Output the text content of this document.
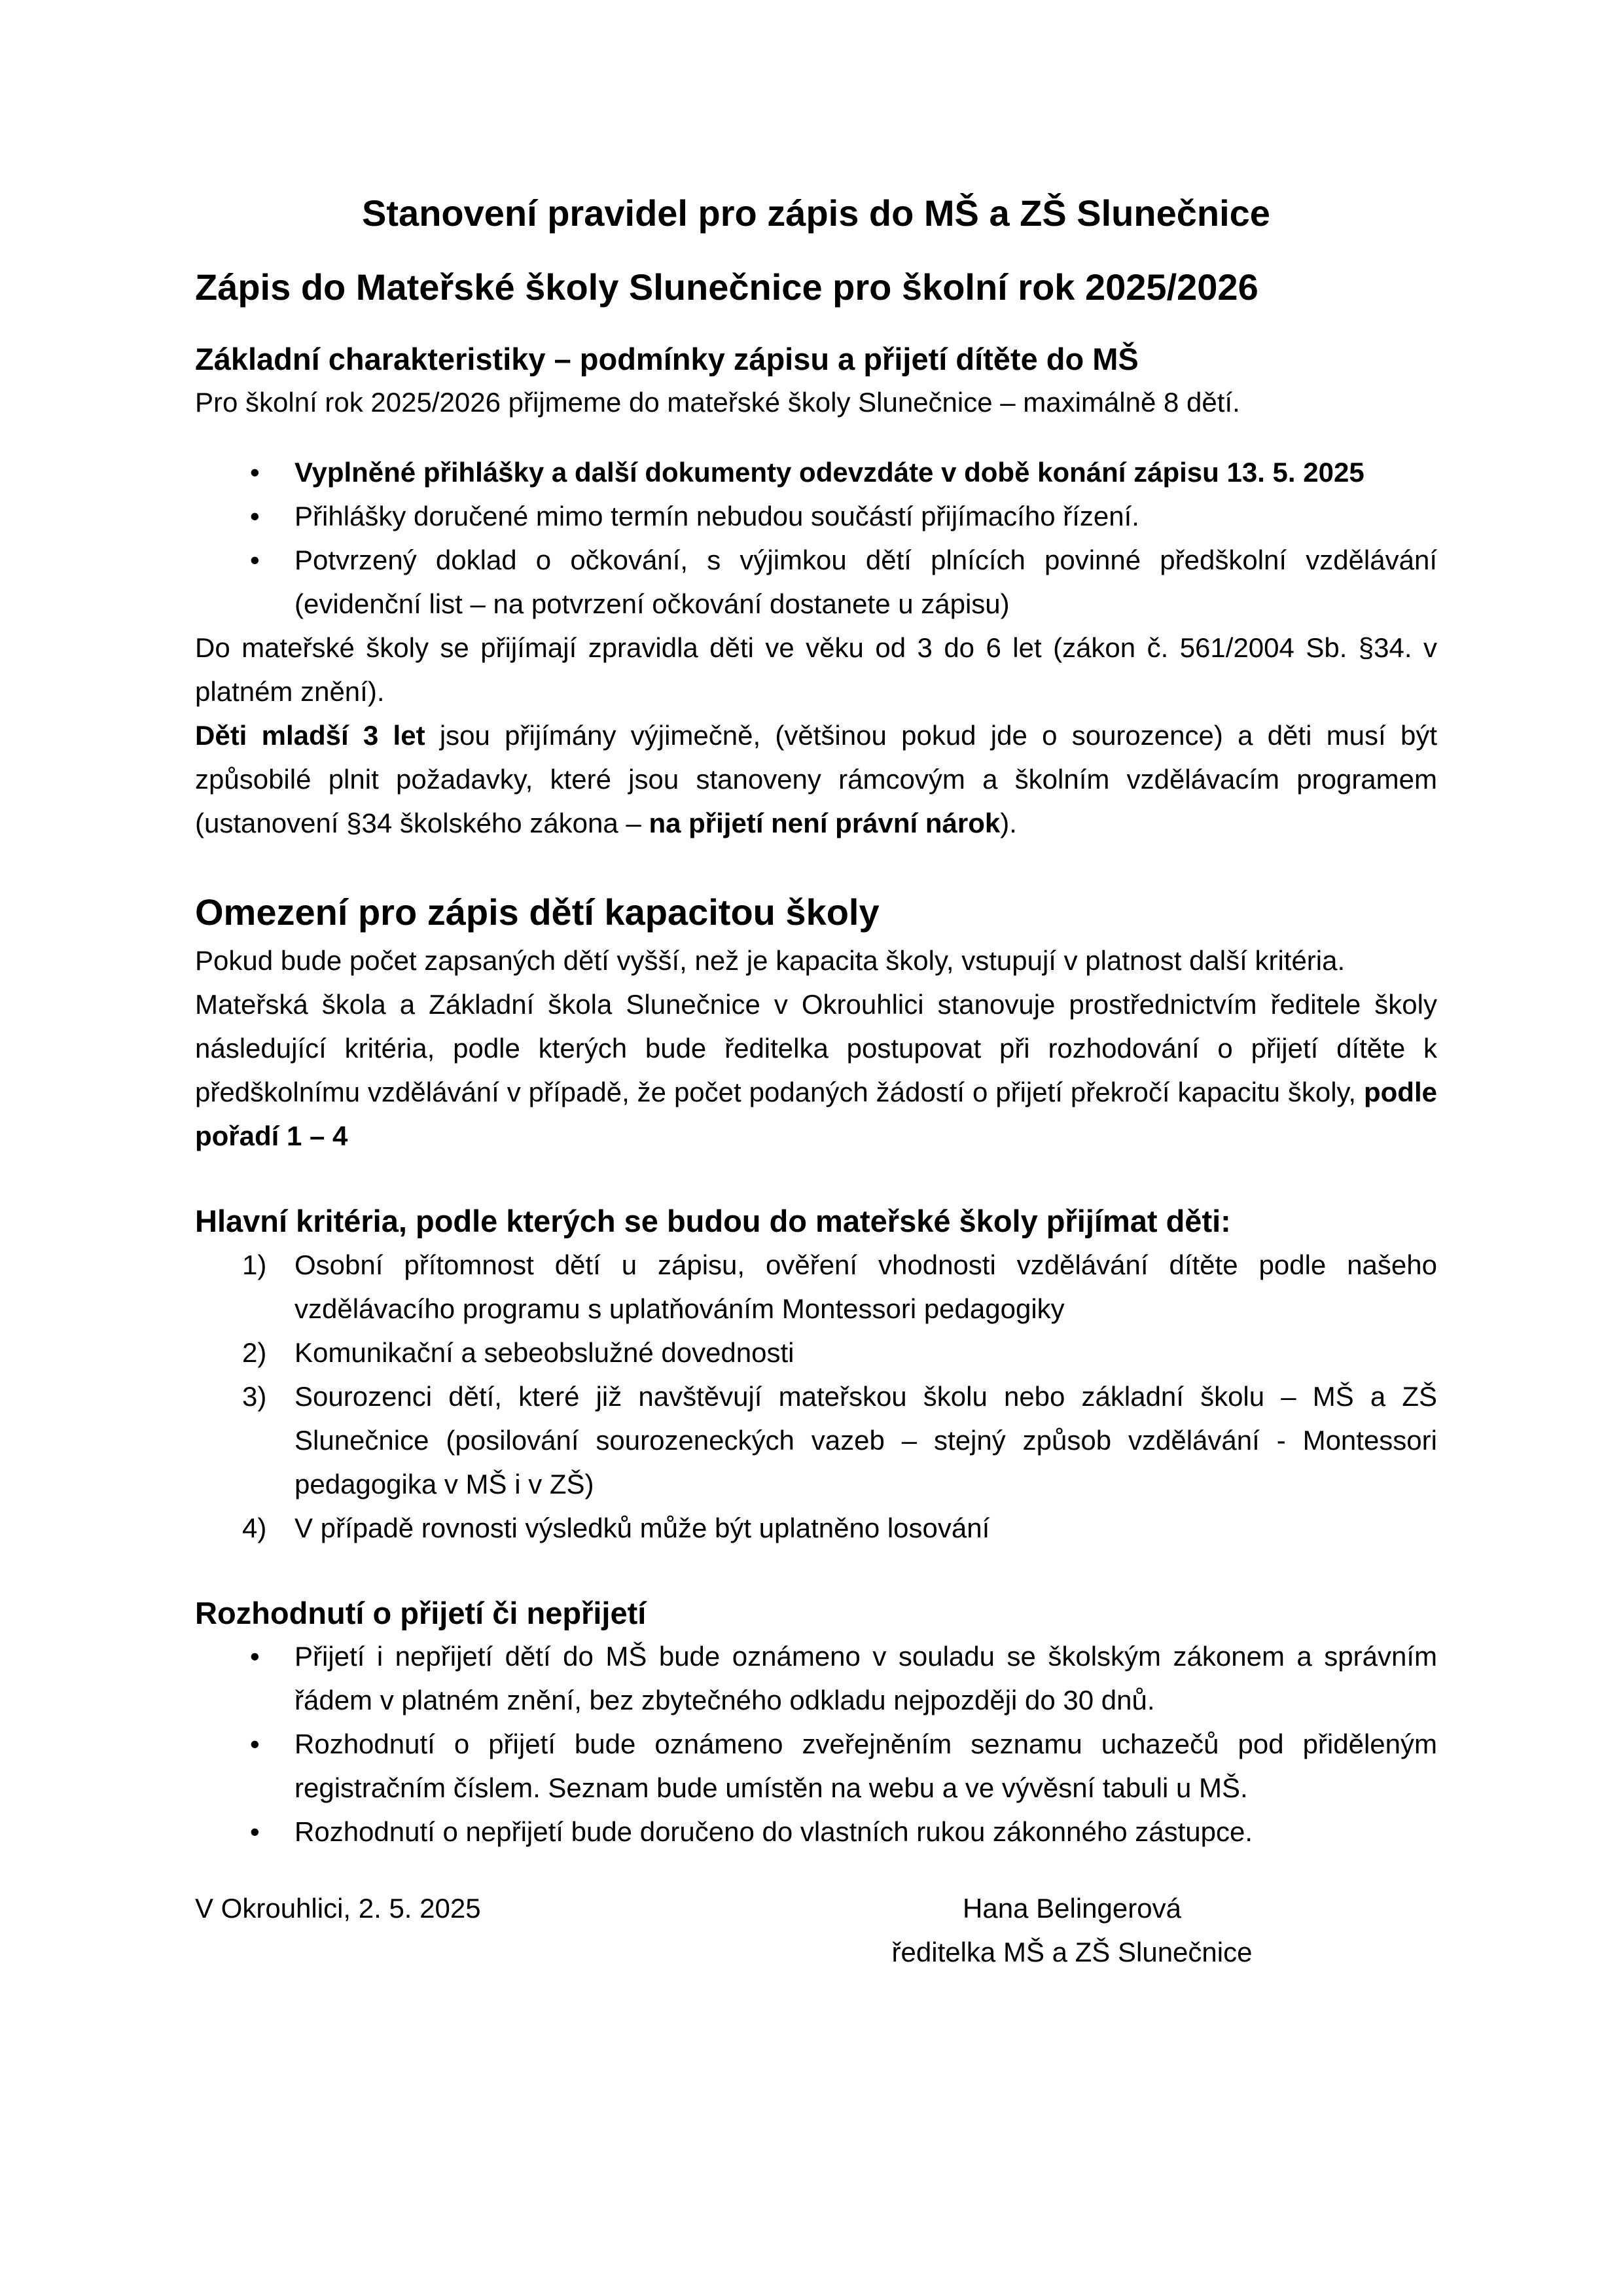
Stanovení pravidel pro zápis do MŠ a ZŠ Slunečnice
Zápis do Mateřské školy Slunečnice pro školní rok 2025/2026
Základní charakteristiky – podmínky zápisu a přijetí dítěte do MŠ

Pro školní rok 2025/2026 přijmeme do mateřské školy Slunečnice – maximálně 8 dětí.

• Vyplněné přihlášky a další dokumenty odevzdáte v době konání zápisu 13. 5. 2025
• Přihlášky doručené mimo termín nebudou součástí přijímacího řízení.
• Potvrzený doklad o očkování, s výjimkou dětí plnících povinné předškolní vzdělávání (evidenční list – na potvrzení očkování dostanete u zápisu)

Do mateřské školy se přijímají zpravidla děti ve věku od 3 do 6 let (zákon č. 561/2004 Sb. §34. v platném znění).

Děti mladší 3 let jsou přijímány výjimečně, (většinou pokud jde o sourozence) a děti musí být způsobilé plnit požadavky, které jsou stanoveny rámcovým a školním vzdělávacím programem (ustanovení §34 školského zákona – na přijetí není právní nárok).

Omezení pro zápis dětí kapacitou školy

Pokud bude počet zapsaných dětí vyšší, než je kapacita školy, vstupují v platnost další kritéria.

Mateřská škola a Základní škola Slunečnice v Okrouhlici stanovuje prostřednictvím ředitele školy následující kritéria, podle kterých bude ředitelka postupovat při rozhodování o přijetí dítěte k předškolnímu vzdělávání v případě, že počet podaných žádostí o přijetí překročí kapacitu školy, podle pořadí 1 – 4

Hlavní kritéria, podle kterých se budou do mateřské školy přijímat děti:
1) Osobní přítomnost dětí u zápisu, ověření vhodnosti vzdělávání dítěte podle našeho vzdělávacího programu s uplatňováním Montessori pedagogiky
2) Komunikační a sebeobslužné dovednosti
3) Sourozenci dětí, které již navštěvují mateřskou školu nebo základní školu – MŠ a ZŠ Slunečnice (posilování sourozeneckých vazeb – stejný způsob vzdělávání - Montessori pedagogika v MŠ i v ZŠ)
4) V případě rovnosti výsledků může být uplatněno losování
Rozhodnutí o přijetí či nepřijetí
• Přijetí i nepřijetí dětí do MŠ bude oznámeno v souladu se školským zákonem a správním řádem v platném znění, bez zbytečného odkladu nejpozději do 30 dnů.
• Rozhodnutí o přijetí bude oznámeno zveřejněním seznamu uchazečů pod přiděleným registračním číslem. Seznam bude umístěn na webu a ve vývěsní tabuli u MŠ.
• Rozhodnutí o nepřijetí bude doručeno do vlastních rukou zákonného zástupce.
V Okrouhlici, 2. 5. 2025	Hana Belingerová
ředitelka MŠ a ZŠ Slunečnice
